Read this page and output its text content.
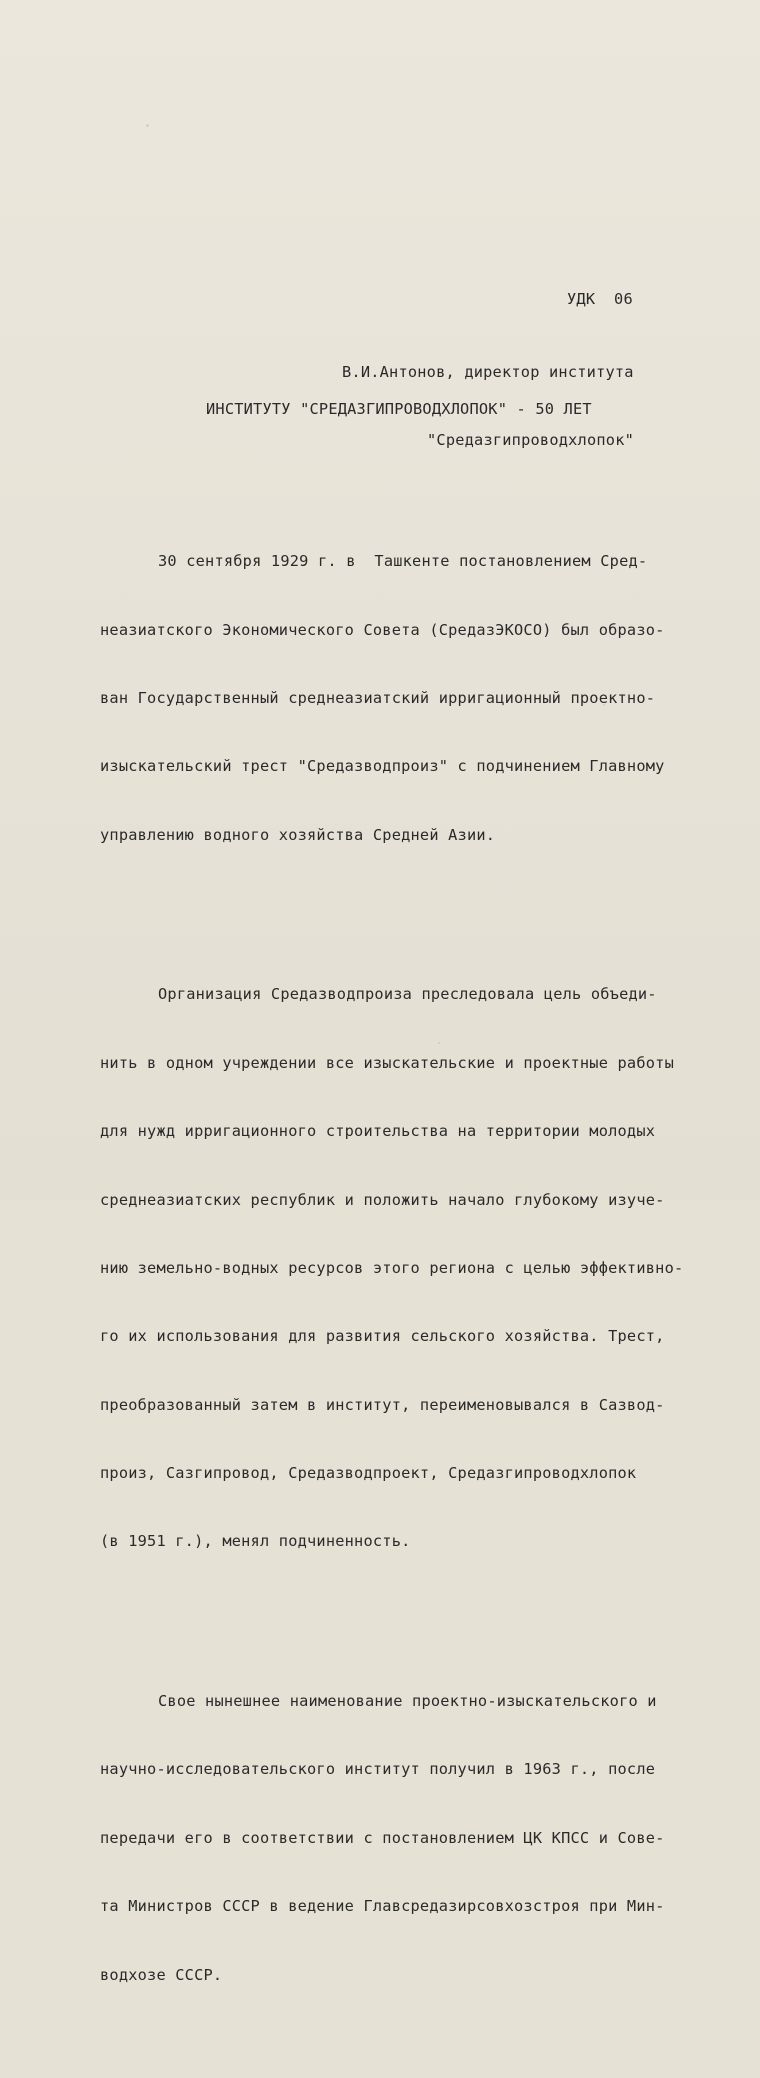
УДК  06

В.И.Антонов, директор института

"Средазгипроводхлопок"

ИНСТИТУТУ "СРЕДАЗГИПРОВОДХЛОПОК" - 50 ЛЕТ

30 сентября 1929 г. в  Ташкенте постановлением Сред-

неазиатского Экономического Совета (СредазЭКОСО) был образо-

ван Государственный среднеазиатский ирригационный проектно-

изыскательский трест "Средазводпроиз" с подчинением Главному

управлению водного хозяйства Средней Азии.

Организация Средазводпроиза преследовала цель объеди-

нить в одном учреждении все изыскательские и проектные работы

для нужд ирригационного строительства на территории молодых

среднеазиатских республик и положить начало глубокому изуче-

нию земельно-водных ресурсов этого региона с целью эффективно-

го их использования для развития сельского хозяйства. Трест,

преобразованный затем в институт, переименовывался в Сазвод-

произ, Сазгипровод, Средазводпроект, Средазгипроводхлопок

(в 1951 г.), менял подчиненность.

Свое нынешнее наименование проектно-изыскательского и

научно-исследовательского институт получил в 1963 г., после

передачи его в соответствии с постановлением ЦК КПСС и Сове-

та Министров СССР в ведение Главсредазирсовхозстроя при Мин-

водхозе СССР.
